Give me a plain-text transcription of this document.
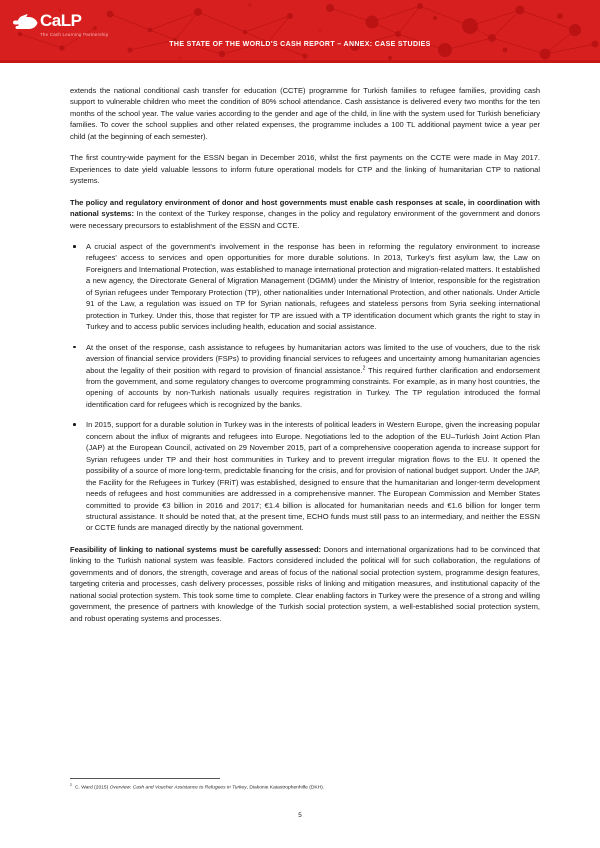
CaLP
The Cash Learning Partnership
THE STATE OF THE WORLD'S CASH REPORT – ANNEX: CASE STUDIES

extends the national conditional cash transfer for education (CCTE) programme for Turkish families to refugee families, providing cash support to vulnerable children who meet the condition of 80% school attendance. Cash assistance is delivered every two months for the ten months of the school year. The value varies according to the gender and age of the child, in line with the system used for Turkish beneficiary families. To cover the school supplies and other related expenses, the programme includes a 100 TL additional payment twice a year per child (at the beginning of each semester).

The first country-wide payment for the ESSN began in December 2016, whilst the first payments on the CCTE were made in May 2017. Experiences to date yield valuable lessons to inform future operational models for CTP and the linking of humanitarian CTP to national systems.

The policy and regulatory environment of donor and host governments must enable cash responses at scale, in coordination with national systems: In the context of the Turkey response, changes in the policy and regulatory environment of the government and donors were necessary precursors to establishment of the ESSN and CCTE.

A crucial aspect of the government's involvement in the response has been in reforming the regulatory environment to increase refugees' access to services and open opportunities for more durable solutions. In 2013, Turkey's first asylum law, the Law on Foreigners and International Protection, was established to manage international protection and migration-related matters. It established a new agency, the Directorate General of Migration Management (DGMM) under the Ministry of Interior, responsible for the registration of Syrian refugees under Temporary Protection (TP), other nationalities under International Protection, and other nationals. Under Article 91 of the Law, a regulation was issued on TP for Syrian nationals, refugees and stateless persons from Syria seeking international protection in Turkey. Under this, those that register for TP are issued with a TP identification document which grants the right to stay in Turkey and to access public services including health, education and social assistance.
At the onset of the response, cash assistance to refugees by humanitarian actors was limited to the use of vouchers, due to the risk aversion of financial service providers (FSPs) to providing financial services to refugees and uncertainty among humanitarian agencies about the legality of their position with regard to provision of financial assistance.$^2$ This required further clarification and endorsement from the government, and some regulatory changes to overcome programming constraints. For example, as in many host countries, the opening of accounts by non-Turkish nationals usually requires registration in Turkey. The TP regulation introduced the formal identification card for refugees which is recognized by the banks.
In 2015, support for a durable solution in Turkey was in the interests of political leaders in Western Europe, given the increasing popular concern about the influx of migrants and refugees into Europe. Negotiations led to the adoption of the EU–Turkish Joint Action Plan (JAP) at the European Council, activated on 29 November 2015, part of a comprehensive cooperation agenda to increase support for Syrian refugees under TP and their host communities in Turkey and to prevent irregular migration flows to the EU. It opened the possibility of a source of more long-term, predictable financing for the crisis, and for provision of national budget support. Under the JAP, the Facility for the Refugees in Turkey (FRiT) was established, designed to ensure that the humanitarian and longer-term development needs of refugees and host communities are addressed in a comprehensive manner. The European Commission and Member States committed to provide €3 billion in 2016 and 2017; €1.4 billion is allocated for humanitarian needs and €1.6 billion for longer term structural assistance. It should be noted that, at the present time, ECHO funds must still pass to an intermediary, and neither the ESSN or CCTE funds are managed directly by the national government.

Feasibility of linking to national systems must be carefully assessed: Donors and international organizations had to be convinced that linking to the Turkish national system was feasible. Factors considered included the political will for such collaboration, the regulations of governments and of donors, the strength, coverage and areas of focus of the national social protection system, programme design features, targeting criteria and processes, cash delivery processes, possible risks of linking and mitigation measures, and institutional capacity of the national social protection system. This took some time to complete. Clear enabling factors in Turkey were the presence of a strong and willing government, the presence of partners with knowledge of the Turkish social protection system, a well-established social protection system, and robust operating systems and processes.

$^2$C. Ward (2015) Overview: Cash and Voucher Assistance to Refugees in Turkey, Diakonie Katastrophenhilfe (DKH).
5
